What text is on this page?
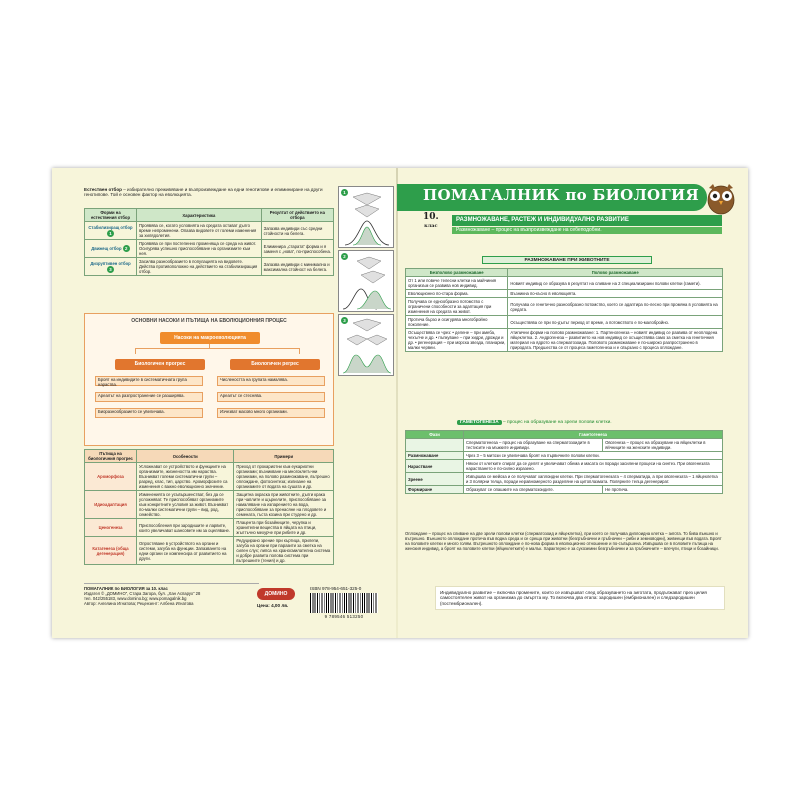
Естествен отбор – избирателно преживяване и възпроизвеждане на едни генотипове и елиминиране на други генотипове. Той е основен фактор на еволюцията.
Форми на естествения отбор	Характеристика	Резултат от действието на отбора
Стабилизиращ отбор 1	Проявява се, когато условията на средата остават дълго време непроменени. Опазва видовете от големи изменения за хилядолетия.	Запазва индивиди със средни стойности на белега.
Движещ отбор 2	Проявява се при постепенно променяща се среда на живот. Осигурява успешно приспособяване на организмите към нея.	Елиминира „старата“ форма и я заменя с „нова“, по-приспособена.
Дизруптивен отбор 3	Засилва разнообразието в популацията на видовете. Действа противоположно на действието на стабилизиращия отбор.	Запазва индивиди с минимална и максимална стойност на белега.
1
2
3
ОСНОВНИ НАСОКИ И ПЪТИЩА НА ЕВОЛЮЦИОННИЯ ПРОЦЕС
Насоки на макроеволюцията
Биологичен прогрес	Биологичен регрес
Броят на индивидите в систематичната група нараства.
Ареалът на разпространение се разширява.
Биоразнообразието се увеличава.
Числеността на групата намалява.
Ареалът се стеснява.
Изчезват масово много организми.
Пътища на биологичния прогрес	Особености	Примери
Ароморфоза	Усложнават се устройството и функциите на организмите, жизнеността им нараства. Възникват големи систематични групи – разред, клас, тип, царство. Ароморфозите са изменения с важно еволюционно значение.	Преход от прокариотни към еукариотни организми; възникване на многоклетъчни организми, на полово размножаване, вътрешно оплождане, фотосинтеза; излизане на организмите от водата на сушата и др.
Идиоадаптация	Измененията се усъвършенстват, без да се усложняват. Те приспособяват организмите към конкретните условия за живот. Възникват по-малки систематични групи – вид, род, семейство.	Защитна окраска при животните, дълги крака при чаплите и щъркелите, приспособяване за намаляване на изпарението на вода, приспособяване за пренасяне на плодовете и семената, гъста козина при студено и др.
Ценогенеза	Приспособления при зародишите и ларвите, които увеличават шансовете им за оцеляване.	Плацента при бозайниците, черупка и хранителни вещества в яйцата на птици, жълтъчно мехурче при рибите и др.
Катагенеза (обща дегенерация)	Опростяване в устройството на органи и системи, загуба на функции. Запазването на едни органи се компенсира от развитието на други.	Редуцирано зрение при къртица, прилепи, загуба на органи при паразити за сметка на силен слух; липса на храносмилателна система и добре развита полова система при вътрешните (тения) и др.
ПОМАГАЛНИК по БИОЛОГИЯ за 10. клас
Издател © „ДОМИНО“, Стара Загора, бул. „Хан Аспарух“ 28
тел. 042/255183, www.domino.bg; www.pomagalnik.bg
Автор: Ангелина Игнатова; Рецензент: Албена Игнатова
ДОМИНО
ISBN 978-954-651-325-0
Цена: 4,00 лв.
9 789546 513250
ПОМАГАЛНИК по БИОЛОГИЯ
10.
клас
РАЗМНОЖАВАНЕ, РАСТЕЖ И ИНДИВИДУАЛНО РАЗВИТИЕ
Размножаване – процес на възпроизвеждане на себеподобни.
РАЗМНОЖАВАНЕ ПРИ ЖИВОТНИТЕ
Безполово размножаване	Полово размножаване
От 1 или повече телесни клетки на майчиния организъм се развива нов индивид.	Новият индивид се образува в резултат на сливане на 2 специализирани полови клетки (гамети).
Еволюционно по-стара форма.	Възникна по-късно в еволюцията.
Получава се еднообразно потомство с ограничени способности за адаптация при изменения на средата на живот.	Получава се генетично разнообразно потомство, което се адаптира по-лесно при промяна в условията на средата.
Протича бързо и осигурява многобройно поколение.	Осъществява се при по-дълъг период от време, а потомството е по-малобройно.
Осъществява се чрез: • делене – при амеба, чехълче и др. • пъпкуване – при хидри, дрожди и др. • регенерация – при морска звезда, планарии, малки червеи.	Атипични форми на полово размножаване: 1. Партеногенеза – новият индивид се развива от неоплодена яйцеклетка. 2. Андрогенеза – развитието на нов индивид се осъществява само за сметка на генетичния материал на ядрото на сперматозоида. Половото размножаване е по-широко разпространено в природата. Предшества се от процеса гаметогенеза и е свързано с процеса оплождане.
ГАМЕТОГЕНЕЗА – процес на образуване на зрели полови клетки.
Фази	Гаметогенеза	
	Сперматогенеза – процес на образуване на сперматозоидите в тестисите на мъжките индивиди.	Овогенеза – процес на образуване на яйцеклетки в яйчниците на женските индивиди.
Размножаване	Чрез 3 – 5 митози се увеличава броят на първичните полови клетки.	
Нарастване	Някои от клетките спират да се делят и увеличават обема и масата си поради засилени процеси на синтез. При овогенезата нарастването е по-силно изразено.	
Зреене	Извършва се мейоза и се получават хаплоидни клетки. При сперматогенезата – 4 сперматида, а при овогенезата – 1 яйцеклетка и 3 полярни телца, поради неравномерното разделяне на цитоплазмата. Полярните телца дегенерират.	
Формиране	Образуват се опашките на сперматозоидите.	Не протича.
Оплождане – процес на сливане на две зрели полови клетки (сперматозоид и яйцеклетка), при което се получава диплоидна клетка – зигота. То бива външно и вътрешно. Външното оплождане протича във водна среда и се среща при животни (безгръбначни и гръбначни – риби и земноводни), живеещи във водата. Броят на половите клетки е много голям. Вътрешното оплождане е по-нова форма в еволюционно отношение и по-съвършена. Извършва се в половите пътища на женския индивид, а броят на половите клетки (яйцеклетките) е малък. Характерно е за сухоземни безгръбначни и за гръбначните – влечуги, птици и бозайници.
Индивидуално развитие – включва промените, които се извършват след образуването на зиготата, продължават през целия самостоятелен живот на организма до смъртта му. То включва два етапа: зародишен (ембрионален) и следзародишен (постембрионален).
